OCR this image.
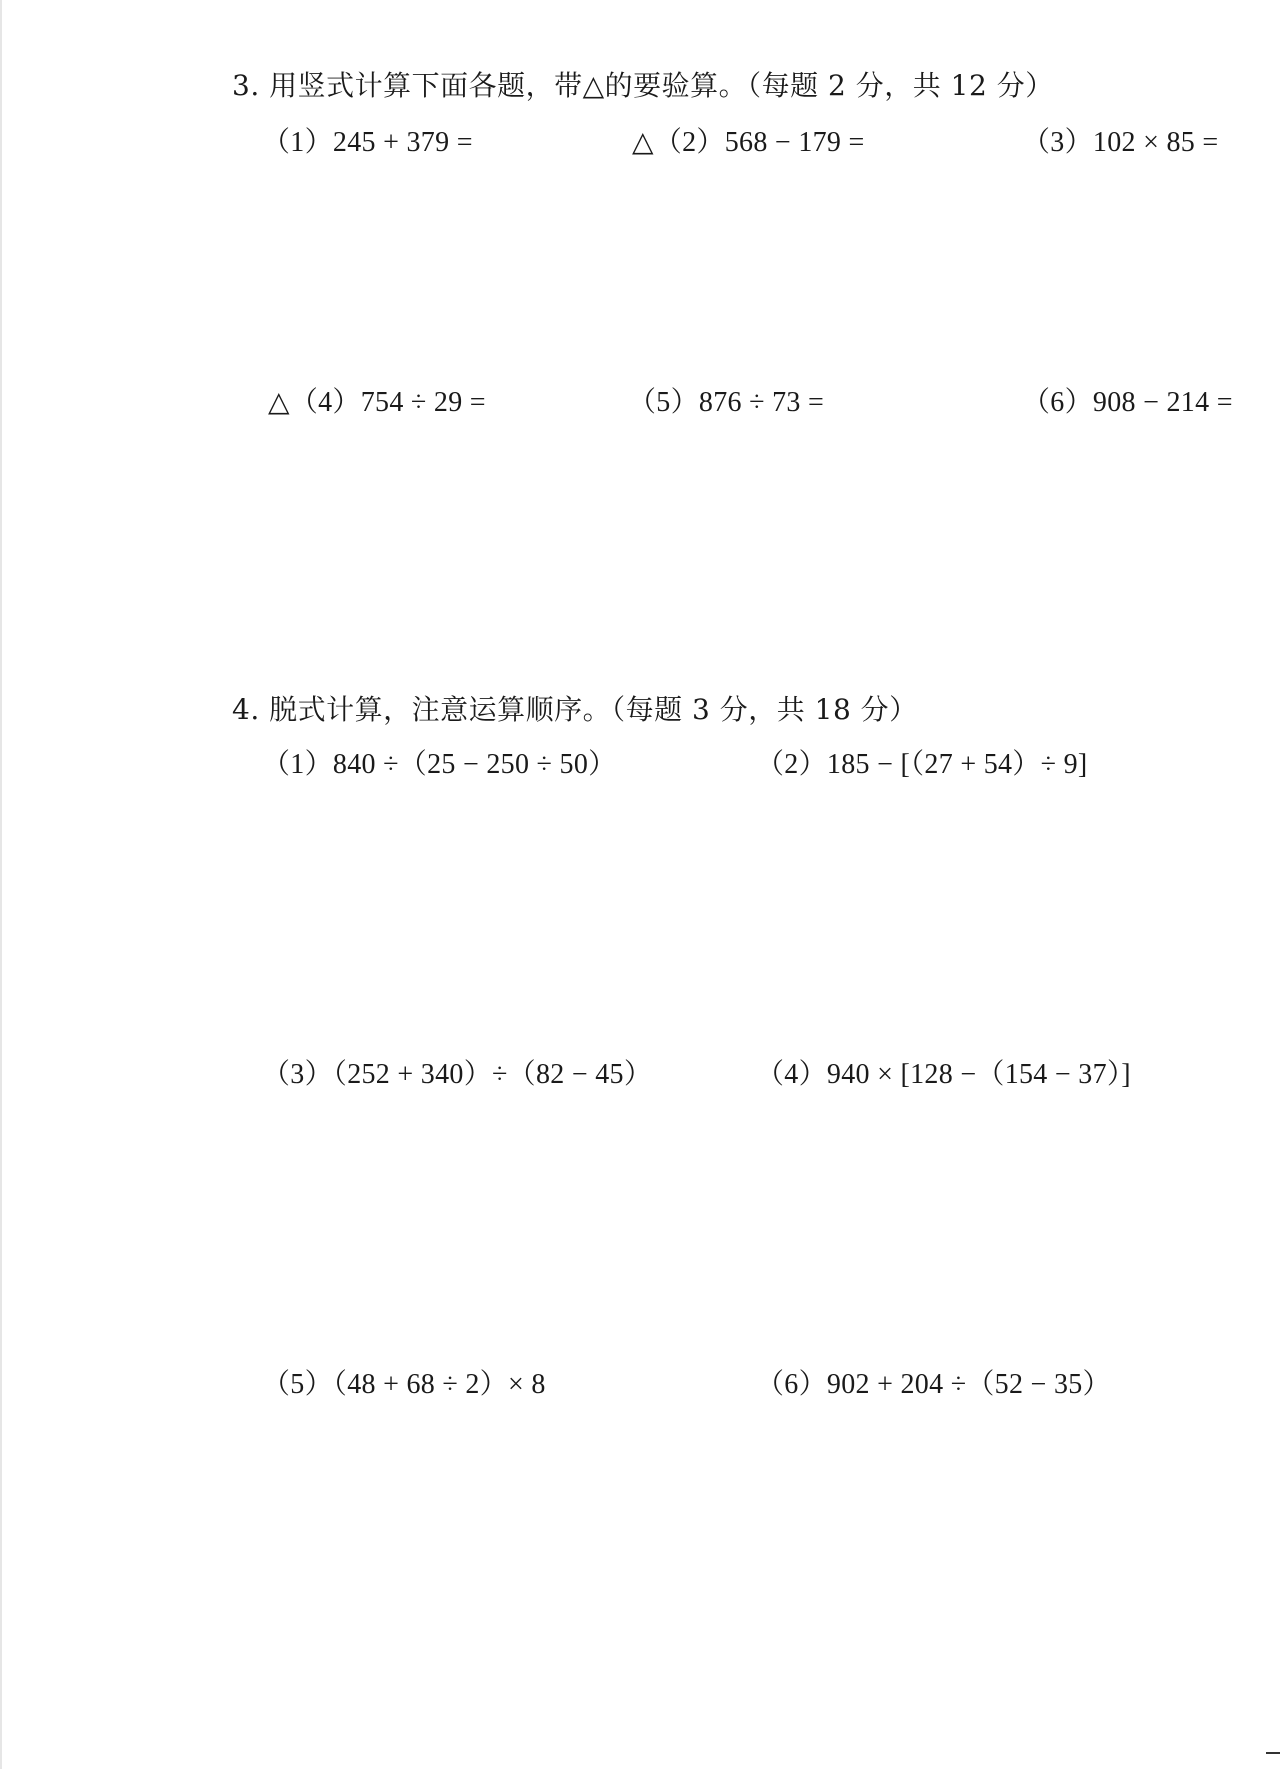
3. 用竖式计算下面各题，带△的要验算。（每题 2 分，共 12 分）
（1）245 + 379 =	△（2）568 − 179 =	（3）102 × 85 =
△（4）754 ÷ 29 =	（5）876 ÷ 73 =	（6）908 − 214 =
4. 脱式计算，注意运算顺序。（每题 3 分，共 18 分）
（1）840 ÷（25 − 250 ÷ 50）	（2）185 − [（27 + 54）÷ 9]
（3）（252 + 340）÷（82 − 45）	（4）940 × [128 −（154 − 37）]
（5）（48 + 68 ÷ 2）× 8	（6）902 + 204 ÷（52 − 35）
